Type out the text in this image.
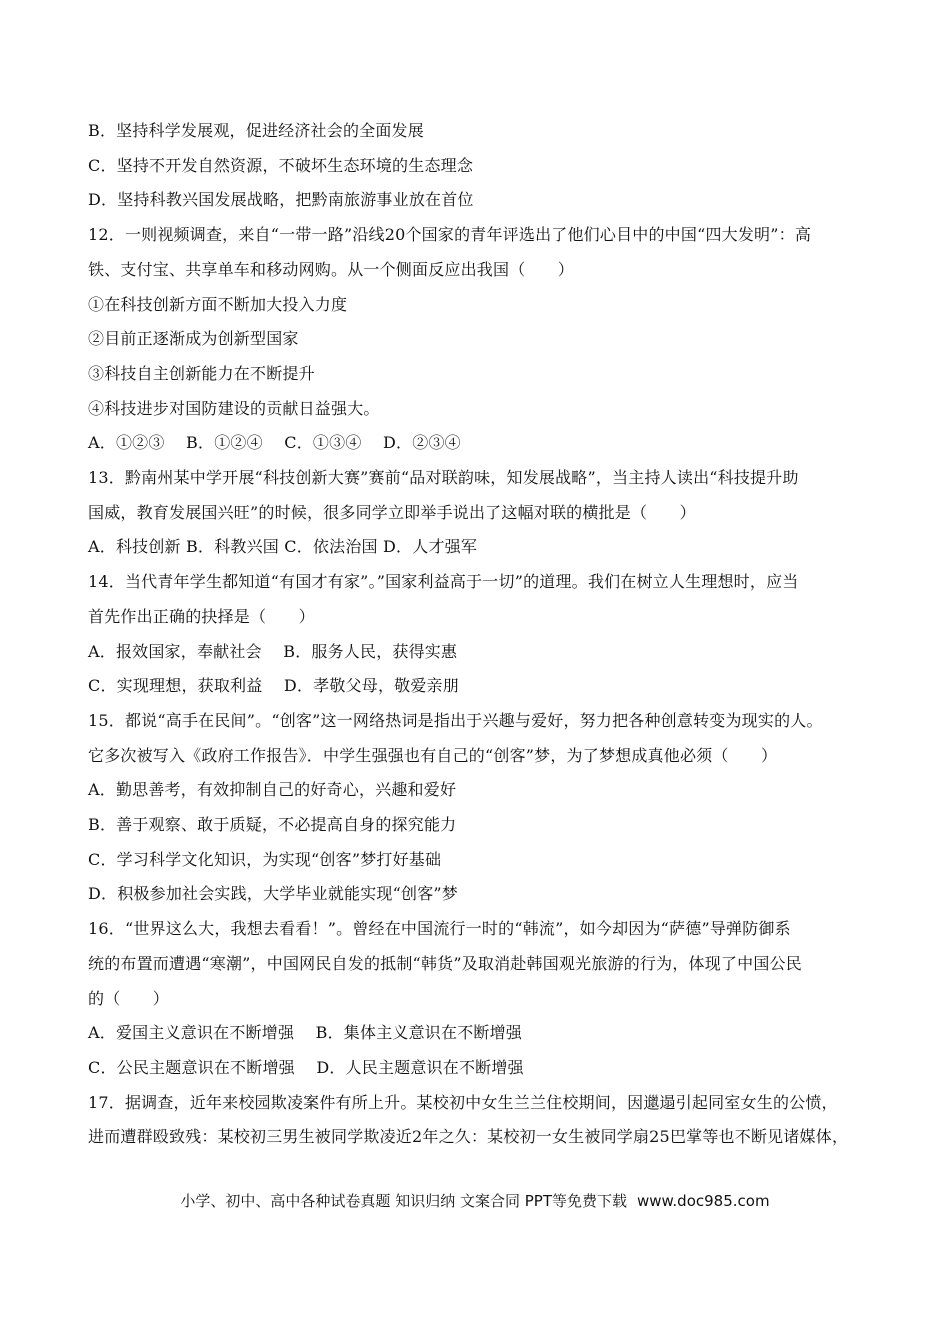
B．坚持科学发展观，促进经济社会的全面发展
C．坚持不开发自然资源，不破坏生态环境的生态理念
D．坚持科教兴国发展战略，把黔南旅游事业放在首位
12．一则视频调查，来自“一带一路”沿线20个国家的青年评选出了他们心目中的中国“四大发明”：高
铁、支付宝、共享单车和移动网购。从一个侧面反应出我国（　　）
①在科技创新方面不断加大投入力度
②目前正逐渐成为创新型国家
③科技自主创新能力在不断提升
④科技进步对国防建设的贡献日益强大。
A．①②③　 B．①②④　 C．①③④　 D．②③④
13．黔南州某中学开展“科技创新大赛”赛前“品对联韵味，知发展战略”，当主持人读出“科技提升助
国威，教育发展国兴旺”的时候，很多同学立即举手说出了这幅对联的横批是（　　）
A．科技创新 B．科教兴国 C．依法治国 D．人才强军
14．当代青年学生都知道“有国才有家”。”国家利益高于一切”的道理。我们在树立人生理想时，应当
首先作出正确的抉择是（　　）
A．报效国家，奉献社会　 B．服务人民，获得实惠
C．实现理想，获取利益　 D．孝敬父母，敬爱亲朋
15．都说“高手在民间”。“创客”这一网络热词是指出于兴趣与爱好，努力把各种创意转变为现实的人。
它多次被写入《政府工作报告》．中学生强强也有自己的“创客”梦，为了梦想成真他必须（　　）
A．勤思善考，有效抑制自己的好奇心，兴趣和爱好
B．善于观察、敢于质疑，不必提高自身的探究能力
C．学习科学文化知识，为实现“创客”梦打好基础
D．积极参加社会实践，大学毕业就能实现“创客”梦
16．“世界这么大，我想去看看！”。曾经在中国流行一时的“韩流”，如今却因为“萨德”导弹防御系
统的布置而遭遇“寒潮”，中国网民自发的抵制“韩货”及取消赴韩国观光旅游的行为，体现了中国公民
的（　　）
A．爱国主义意识在不断增强　 B．集体主义意识在不断增强
C．公民主题意识在不断增强　 D．人民主题意识在不断增强
17．据调查，近年来校园欺凌案件有所上升。某校初中女生兰兰住校期间，因邋遢引起同室女生的公愤，
进而遭群殴致残：某校初三男生被同学欺凌近2年之久：某校初一女生被同学扇25巴掌等也不断见诸媒体，
小学、初中、高中各种试卷真题 知识归纳 文案合同 PPT等免费下载 www.doc985.com
